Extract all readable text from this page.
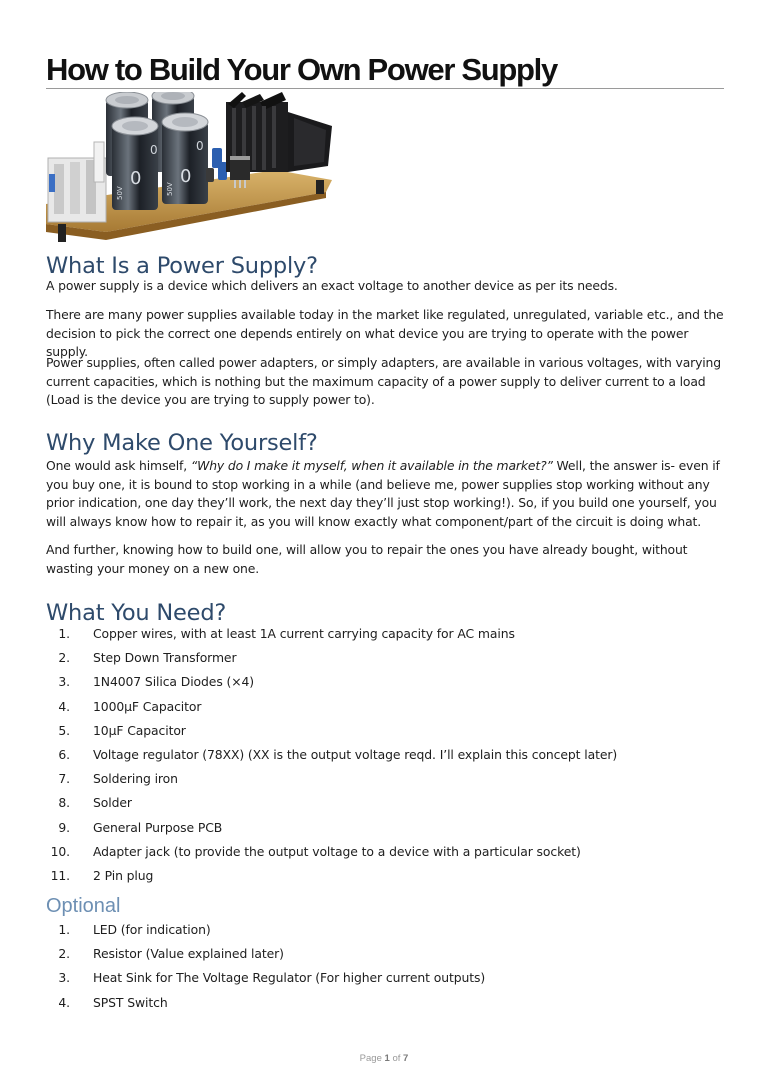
How to Build Your Own Power Supply
0
50V
0
50V
0	0
What Is a Power Supply?

A power supply is a device which delivers an exact voltage to another device as per its needs.

There are many power supplies available today in the market like regulated, unregulated, variable etc., and the decision to pick the correct one depends entirely on what device you are trying to operate with the power supply.

Power supplies, often called power adapters, or simply adapters, are available in various voltages, with varying current capacities, which is nothing but the maximum capacity of a power supply to deliver current to a load (Load is the device you are trying to supply power to).

Why Make One Yourself?

One would ask himself, “Why do I make it myself, when it available in the market?” Well, the answer is- even if you buy one, it is bound to stop working in a while (and believe me, power supplies stop working without any prior indication, one day they’ll work, the next day they’ll just stop working!). So, if you build one yourself, you will always know how to repair it, as you will know exactly what component/part of the circuit is doing what.

And further, knowing how to build one, will allow you to repair the ones you have already bought, without wasting your money on a new one.

What You Need?
1. Copper wires, with at least 1A current carrying capacity for AC mains
2. Step Down Transformer
3. 1N4007 Silica Diodes (×4)
4. 1000µF Capacitor
5. 10µF Capacitor
6. Voltage regulator (78XX) (XX is the output voltage reqd. I’ll explain this concept later)
7. Soldering iron
8. Solder
9. General Purpose PCB
10. Adapter jack (to provide the output voltage to a device with a particular socket)
11. 2 Pin plug
Optional
1. LED (for indication)
2. Resistor (Value explained later)
3. Heat Sink for The Voltage Regulator (For higher current outputs)
4. SPST Switch
Page 1 of 7
